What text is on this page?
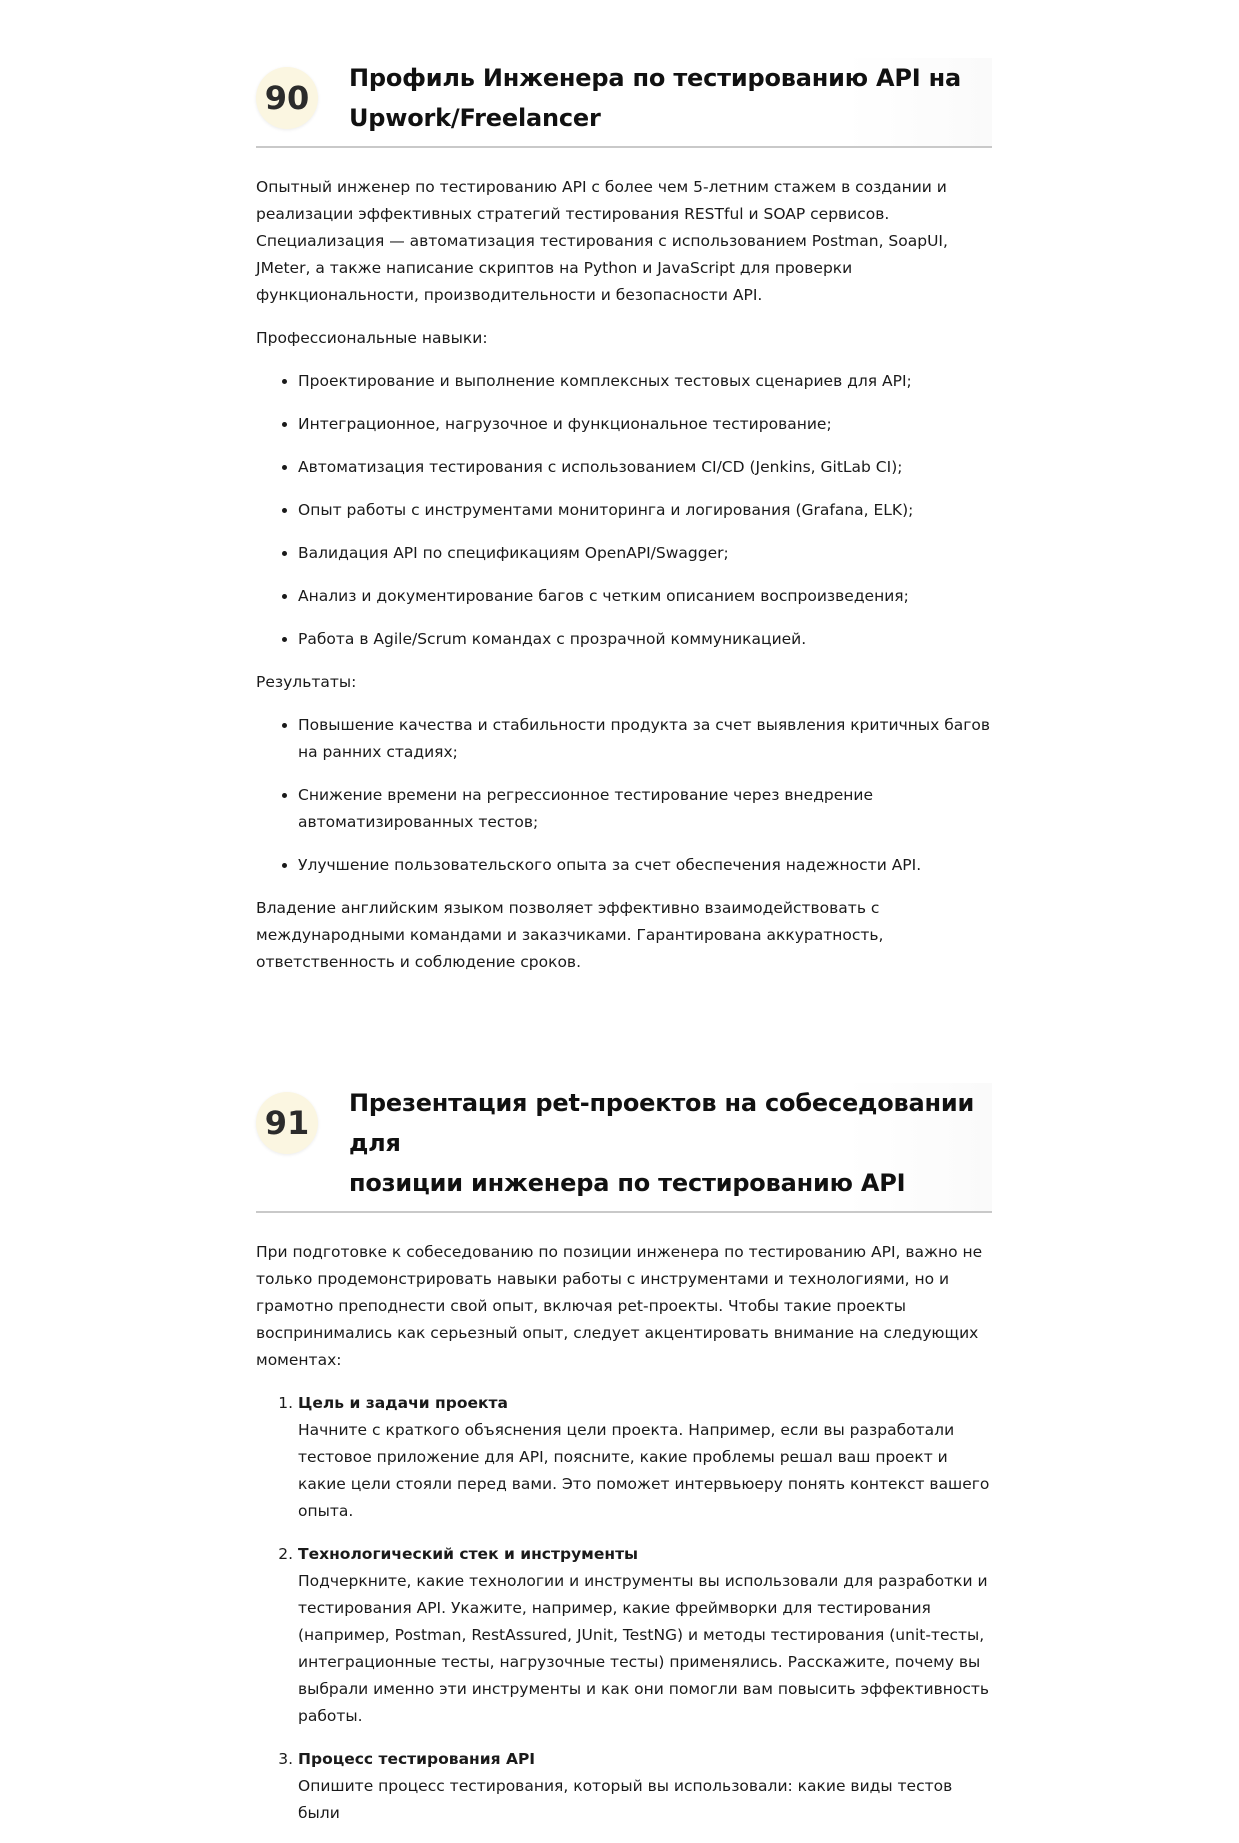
90
Профиль Инженера по тестированию API на
Upwork/Freelancer

Опытный инженер по тестированию API с более чем 5-летним стажем в создании и реализации эффективных стратегий тестирования RESTful и SOAP сервисов. Специализация — автоматизация тестирования с использованием Postman, SoapUI, JMeter, а также написание скриптов на Python и JavaScript для проверки функциональности, производительности и безопасности API.

Профессиональные навыки:

• Проектирование и выполнение комплексных тестовых сценариев для API;
• Интеграционное, нагрузочное и функциональное тестирование;
• Автоматизация тестирования с использованием CI/CD (Jenkins, GitLab CI);
• Опыт работы с инструментами мониторинга и логирования (Grafana, ELK);
• Валидация API по спецификациям OpenAPI/Swagger;
• Анализ и документирование багов с четким описанием воспроизведения;
• Работа в Agile/Scrum командах с прозрачной коммуникацией.

Результаты:

• Повышение качества и стабильности продукта за счет выявления критичных багов на ранних стадиях;
• Снижение времени на регрессионное тестирование через внедрение автоматизированных тестов;
• Улучшение пользовательского опыта за счет обеспечения надежности API.

Владение английским языком позволяет эффективно взаимодействовать с международными командами и заказчиками. Гарантирована аккуратность, ответственность и соблюдение сроков.

91
Презентация pet-проектов на собеседовании для
позиции инженера по тестированию API

При подготовке к собеседованию по позиции инженера по тестированию API, важно не только продемонстрировать навыки работы с инструментами и технологиями, но и грамотно преподнести свой опыт, включая pet-проекты. Чтобы такие проекты воспринимались как серьезный опыт, следует акцентировать внимание на следующих моментах:

1. Цель и задачи проекта
Начните с краткого объяснения цели проекта. Например, если вы разработали тестовое приложение для API, поясните, какие проблемы решал ваш проект и какие цели стояли перед вами. Это поможет интервьюеру понять контекст вашего опыта.
2. Технологический стек и инструменты
Подчеркните, какие технологии и инструменты вы использовали для разработки и тестирования API. Укажите, например, какие фреймворки для тестирования (например, Postman, RestAssured, JUnit, TestNG) и методы тестирования (unit-тесты, интеграционные тесты, нагрузочные тесты) применялись. Расскажите, почему вы выбрали именно эти инструменты и как они помогли вам повысить эффективность работы.
3. Процесс тестирования API
Опишите процесс тестирования, который вы использовали: какие виды тестов были
